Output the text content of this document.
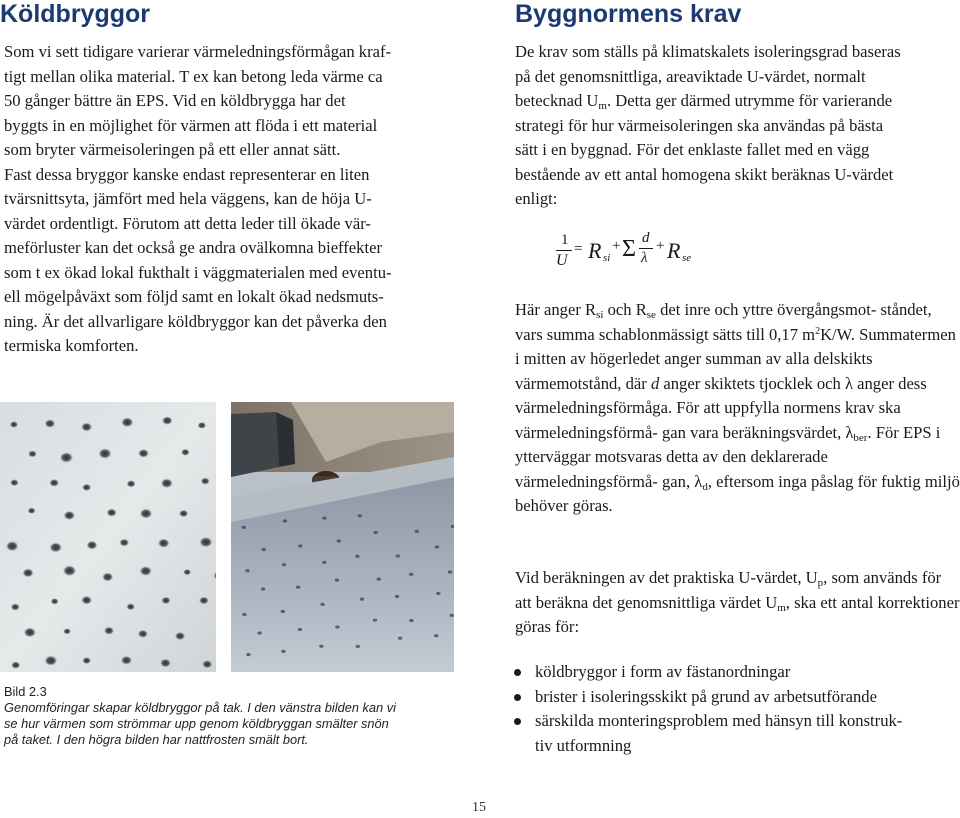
Köldbryggor
Som vi sett tidigare varierar värmeledningsförmågan kraf-
tigt mellan olika material. T ex kan betong leda värme ca
50 gånger bättre än EPS. Vid en köldbrygga har det
byggts in en möjlighet för värmen att flöda i ett material
som bryter värmeisoleringen på ett eller annat sätt.
Fast dessa bryggor kanske endast representerar en liten
tvärsnittsyta, jämfört med hela väggens, kan de höja U-
värdet ordentligt. Förutom att detta leder till ökade vär-
meförluster kan det också ge andra ovälkomna bieffekter
som t ex ökad lokal fukthalt i väggmaterialen med eventu-
ell mögelpåväxt som följd samt en lokalt ökad nedsmuts-
ning. Är det allvarligare köldbryggor kan det påverka den
termiska komforten.
Bild 2.3
Genomföringar skapar köldbryggor på tak. I den vänstra bilden kan vi
se hur värmen som strömmar upp genom köldbryggan smälter snön
på taket. I den högra bilden har nattfrosten smält bort.
Byggnormens krav
De krav som ställs på klimatskalets isoleringsgrad baseras
på det genomsnittliga, areaviktade U-värdet, normalt
betecknad $U_m$. Detta ger därmed utrymme för varierande
strategi för hur värmeisoleringen ska användas på bästa
sätt i en byggnad. För det enklaste fallet med en vägg
bestående av ett antal homogena skikt beräknas U-värdet
enligt:
1
U
= R si
+ Σ d
λ
+ R se
Här anger $R_{si}$ och $R_{se}$ det inre och yttre övergångsmot- ståndet, vars summa schablonmässigt sätts till 0,17 $m^2K/W$. Summatermen i mitten av högerledet anger summan av alla delskikts värmemotstånd, där d anger skiktets tjocklek och λ anger dess värmeledningsförmåga. För att uppfylla normens krav ska värmeledningsförmå- gan vara beräkningsvärdet, $\lambda_{ber}$. För EPS i ytterväggar motsvaras detta av den deklarerade värmeledningsförmå- gan, $\lambda_d$, eftersom inga påslag för fuktig miljö behöver göras.
Vid beräkningen av det praktiska U-värdet, $U_p$, som används för att beräkna det genomsnittliga värdet $U_m$, ska ett antal korrektioner göras för:
köldbryggor i form av fästanordningar
brister i isoleringsskikt på grund av arbetsutförande
särskilda monteringsproblem med hänsyn till konstruk-
tiv utformning
15
